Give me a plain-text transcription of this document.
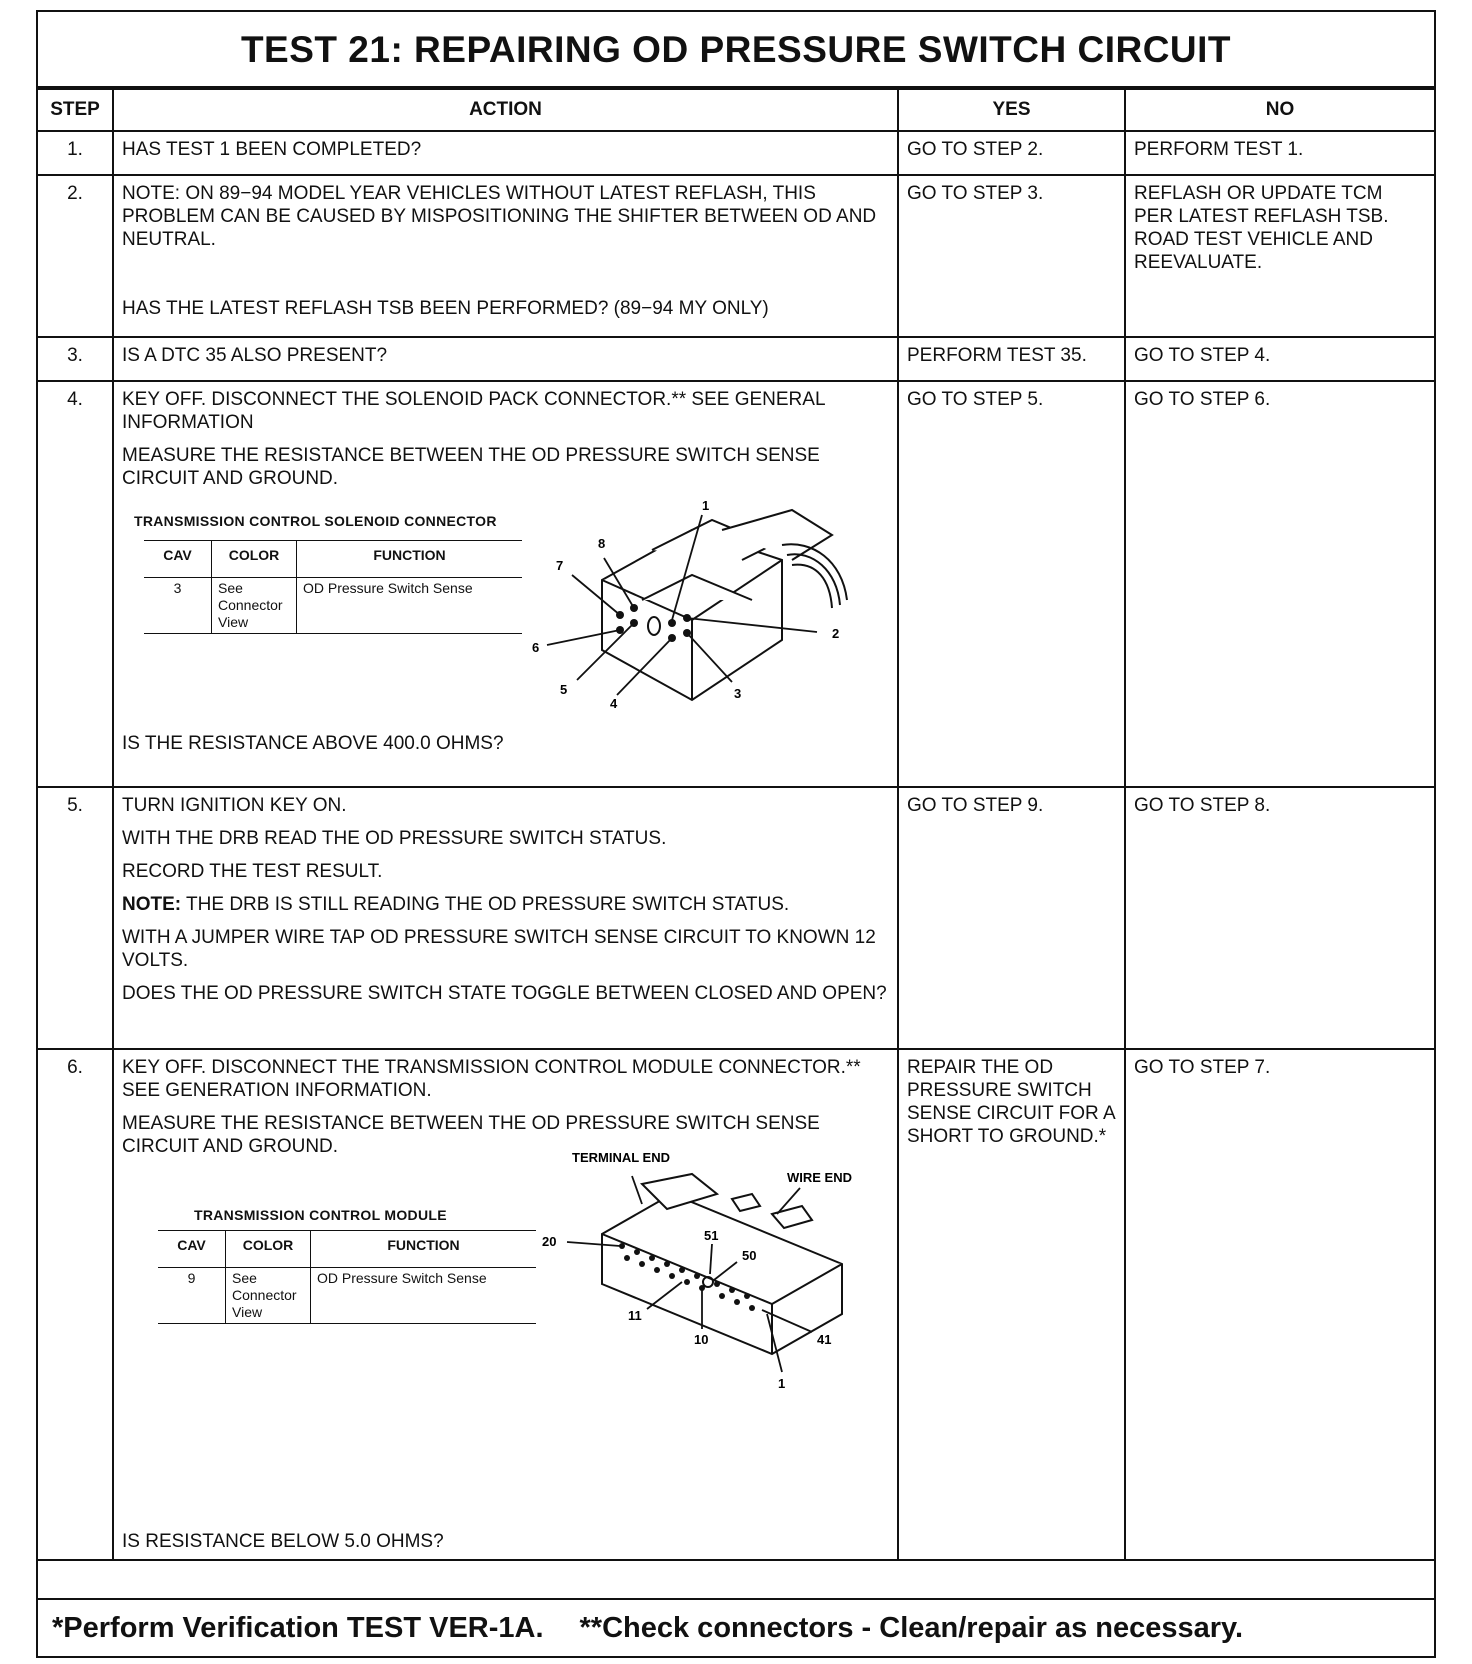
TEST 21: REPAIRING OD PRESSURE SWITCH CIRCUIT
STEP	ACTION	YES	NO
1.	HAS TEST 1 BEEN COMPLETED?	GO TO STEP 2.	PERFORM TEST 1.
2.	NOTE: ON 89−94 MODEL YEAR VEHICLES WITHOUT LATEST REFLASH, THIS PROBLEM CAN BE CAUSED BY MISPOSITIONING THE SHIFTER BETWEEN OD AND NEUTRAL.
HAS THE LATEST REFLASH TSB BEEN PERFORMED? (89−94 MY ONLY)
	GO TO STEP 3.	REFLASH OR UPDATE TCM PER LATEST REFLASH TSB. ROAD TEST VEHICLE AND REEVALUATE.
3.	IS A DTC 35 ALSO PRESENT?	PERFORM TEST 35.	GO TO STEP 4.
4.	KEY OFF. DISCONNECT THE SOLENOID PACK CONNECTOR.** SEE GENERAL INFORMATION
MEASURE THE RESISTANCE BETWEEN THE OD PRESSURE SWITCH SENSE CIRCUIT AND GROUND.
TRANSMISSION CONTROL SOLENOID CONNECTOR
CAV	COLOR	FUNCTION
3	See Connector View	OD Pressure Switch Sense
1
2
3
4
5
6
7
8
IS THE RESISTANCE ABOVE 400.0 OHMS?
	GO TO STEP 5.	GO TO STEP 6.
5.	TURN IGNITION KEY ON.
WITH THE DRB READ THE OD PRESSURE SWITCH STATUS.
RECORD THE TEST RESULT.
NOTE: THE DRB IS STILL READING THE OD PRESSURE SWITCH STATUS.
WITH A JUMPER WIRE TAP OD PRESSURE SWITCH SENSE CIRCUIT TO KNOWN 12 VOLTS.
DOES THE OD PRESSURE SWITCH STATE TOGGLE BETWEEN CLOSED AND OPEN?
	GO TO STEP 9.	GO TO STEP 8.
6.	KEY OFF. DISCONNECT THE TRANSMISSION CONTROL MODULE CONNECTOR.** SEE GENERATION INFORMATION.
MEASURE THE RESISTANCE BETWEEN THE OD PRESSURE SWITCH SENSE CIRCUIT AND GROUND.
TRANSMISSION CONTROL MODULE
CAV	COLOR	FUNCTION
9	See Connector View	OD Pressure Switch Sense
TERMINAL END
WIRE END
20	51
50
11
10	41
1
IS RESISTANCE BELOW 5.0 OHMS?
	REPAIR THE OD PRESSURE SWITCH SENSE CIRCUIT FOR A SHORT TO GROUND.*	GO TO STEP 7.
*Perform Verification TEST VER-1A. **Check connectors - Clean/repair as necessary.
